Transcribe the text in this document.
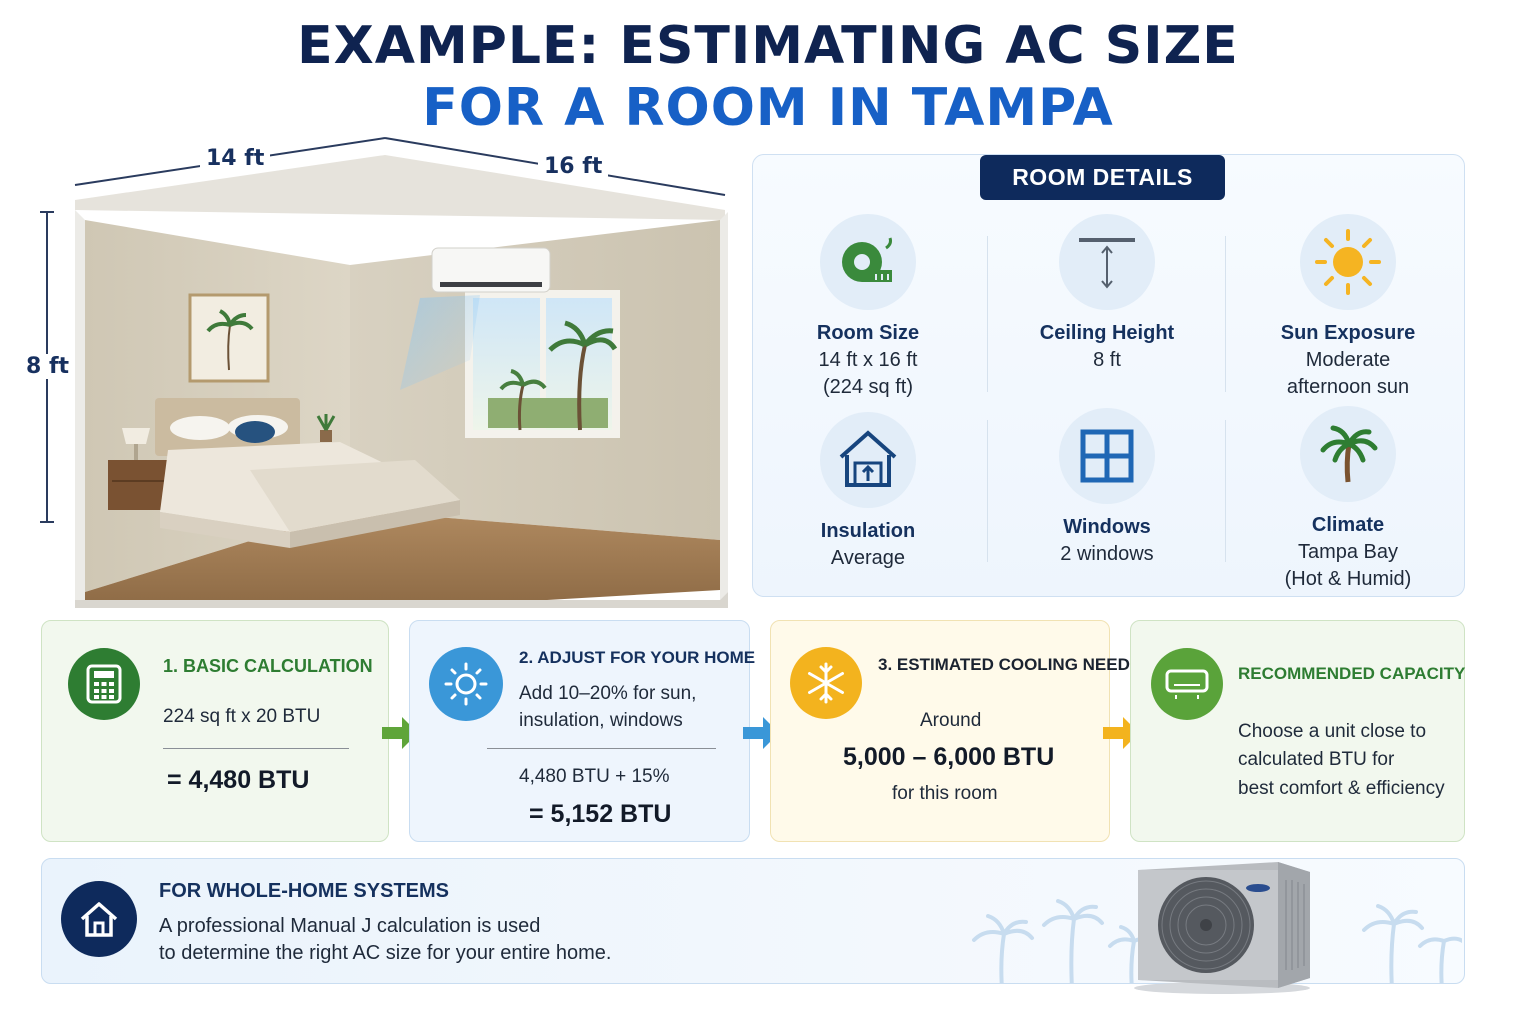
EXAMPLE: ESTIMATING AC SIZE
FOR A ROOM IN TAMPA
14 ft	16 ft
8 ft
ROOM DETAILS
Room Size
14 ft x 16 ft
(224 sq ft)
Ceiling Height
8 ft
Sun Exposure
Moderate
afternoon sun
Insulation
Average
Windows
2 windows
Climate
Tampa Bay
(Hot & Humid)
1. BASIC CALCULATION
224 sq ft x 20 BTU
= 4,480 BTU
2. ADJUST FOR YOUR HOME
Add 10–20% for sun,
insulation, windows
4,480 BTU + 15%
= 5,152 BTU
3. ESTIMATED COOLING NEED
Around
5,000 – 6,000 BTU
for this room
RECOMMENDED CAPACITY
Choose a unit close to
calculated BTU for
best comfort & efficiency
FOR WHOLE-HOME SYSTEMS
A professional Manual J calculation is used
to determine the right AC size for your entire home.
